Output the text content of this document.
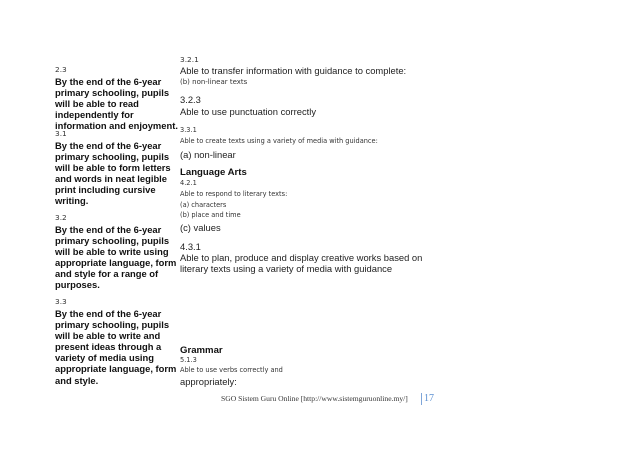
2.3
By the end of the 6-year
primary schooling, pupils
will be able to read
independently for
information and enjoyment.
3.1
By the end of the 6-year
primary schooling, pupils
will be able to form letters
and words in neat legible
print including cursive
writing.
3.2
By the end of the 6-year
primary schooling, pupils
will be able to write using
appropriate language, form
and style for a range of
purposes.
3.3
By the end of the 6-year
primary schooling, pupils
will be able to write and
present ideas through a
variety of media using
appropriate language, form
and style.
3.2.1
Able to transfer information with guidance to complete:
(b) non-linear texts
3.2.3
Able to use punctuation correctly
3.3.1
Able to create texts using a variety of media with guidance:
(a) non-linear
Language Arts
4.2.1
Able to respond to literary texts:
(a) characters
(b) place and time
(c) values
4.3.1
Able to plan, produce and display creative works based on
literary texts using a variety of media with guidance
Grammar
5.1.3
Able to use verbs correctly and
appropriately:
SGO Sistem Guru Online [http://www.sistemguruonline.my/] 17
